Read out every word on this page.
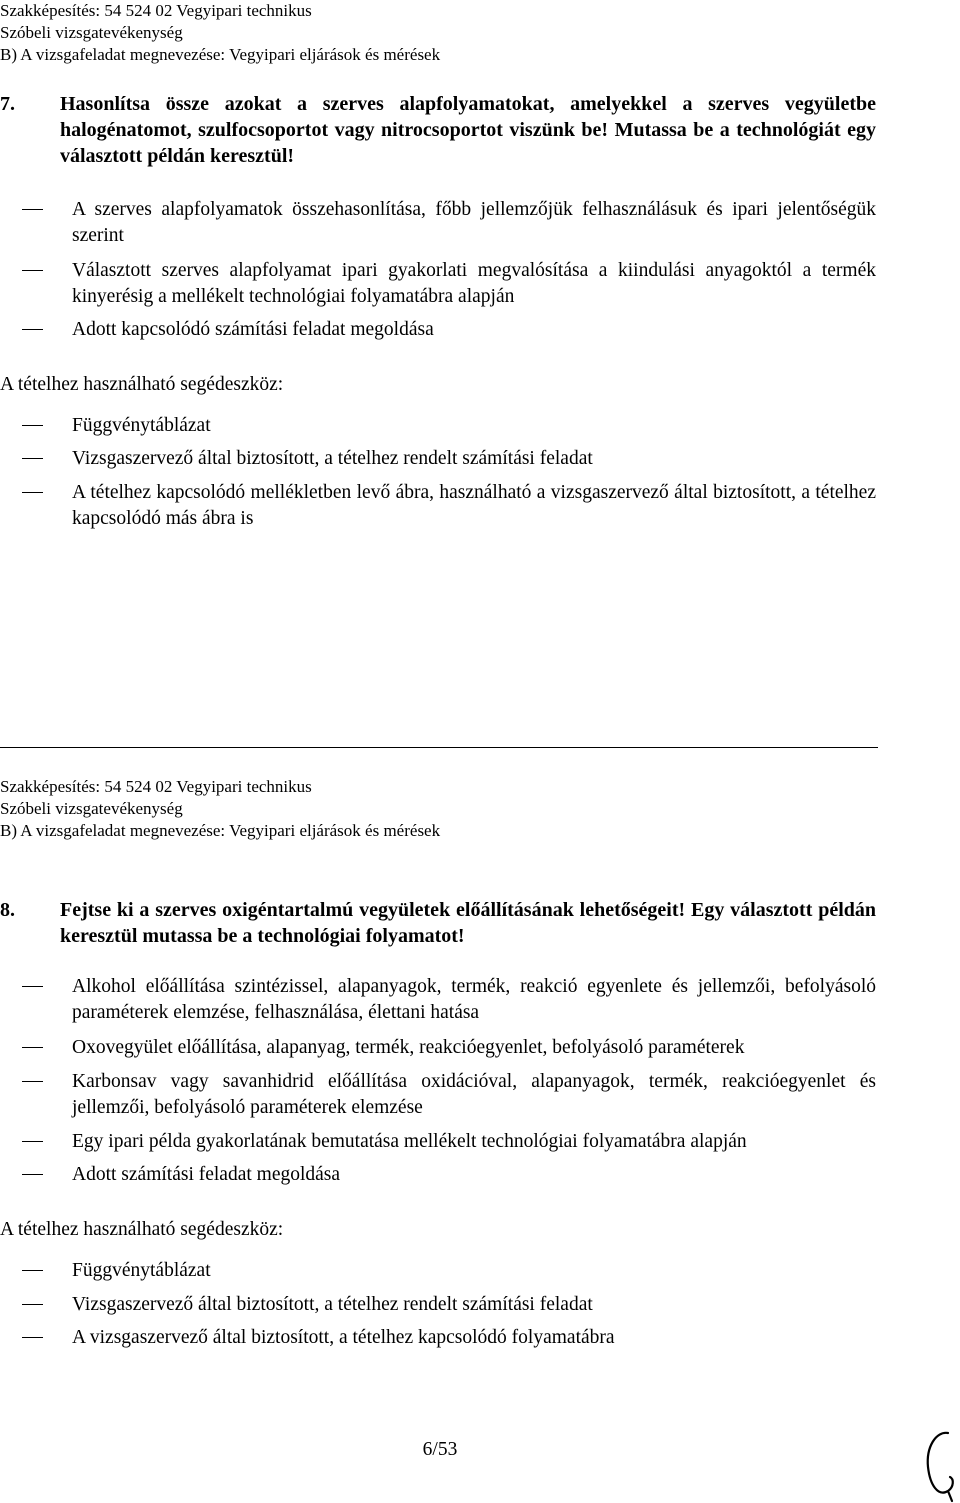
Szakképesítés: 54 524 02 Vegyipari technikus
Szóbeli vizsgatevékenység
B) A vizsgafeladat megnevezése: Vegyipari eljárások és mérések
7. Hasonlítsa össze azokat a szerves alapfolyamatokat, amelyekkel a szerves vegyületbe halogénatomot, szulfocsoportot vagy nitrocsoportot viszünk be! Mutassa be a technológiát egy választott példán keresztül!
A szerves alapfolyamatok összehasonlítása, főbb jellemzőjük felhasználásuk és ipari jelentőségük szerint
Választott szerves alapfolyamat ipari gyakorlati megvalósítása a kiindulási anyagoktól a termék kinyerésig a mellékelt technológiai folyamatábra alapján
Adott kapcsolódó számítási feladat megoldása
A tételhez használható segédeszköz:
Függvénytáblázat
Vizsgaszervező által biztosított, a tételhez rendelt számítási feladat
A tételhez kapcsolódó mellékletben levő ábra, használható a vizsgaszervező által biztosított, a tételhez kapcsolódó más ábra is
Szakképesítés: 54 524 02 Vegyipari technikus
Szóbeli vizsgatevékenység
B) A vizsgafeladat megnevezése: Vegyipari eljárások és mérések
8. Fejtse ki a szerves oxigéntartalmú vegyületek előállításának lehetőségeit! Egy választott példán keresztül mutassa be a technológiai folyamatot!
Alkohol előállítása szintézissel, alapanyagok, termék, reakció egyenlete és jellemzői, befolyásoló paraméterek elemzése, felhasználása, élettani hatása
Oxovegyület előállítása, alapanyag, termék, reakcióegyenlet, befolyásoló paraméterek
Karbonsav vagy savanhidrid előállítása oxidációval, alapanyagok, termék, reakcióegyenlet és jellemzői, befolyásoló paraméterek elemzése
Egy ipari példa gyakorlatának bemutatása mellékelt technológiai folyamatábra alapján
Adott számítási feladat megoldása
A tételhez használható segédeszköz:
Függvénytáblázat
Vizsgaszervező által biztosított, a tételhez rendelt számítási feladat
A vizsgaszervező által biztosított, a tételhez kapcsolódó folyamatábra
6/53
